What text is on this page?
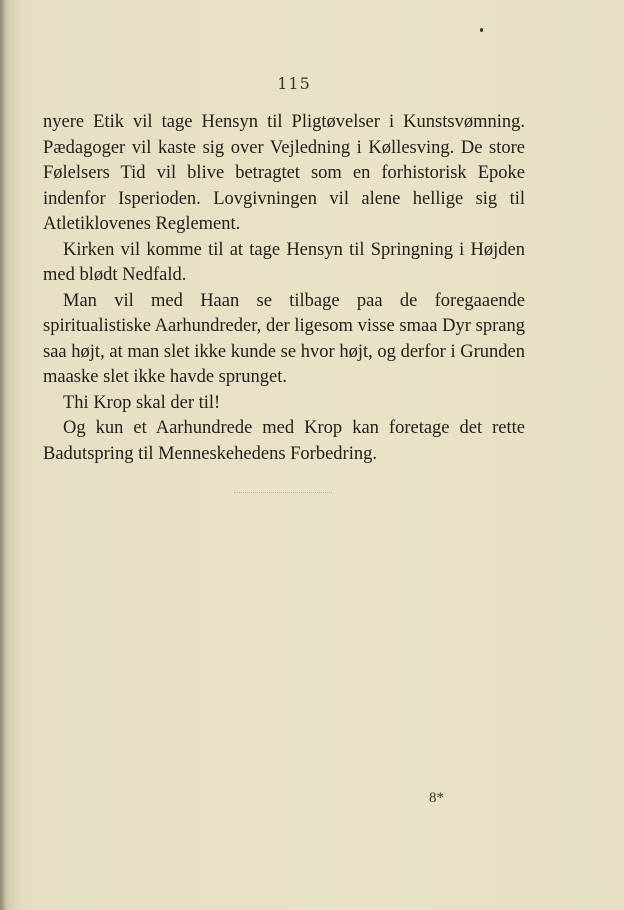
115

nyere Etik vil tage Hensyn til Pligtøvelser i Kunstsvømning. Pædagoger vil kaste sig over Vejledning i Køllesving. De store Følelsers Tid vil blive betragtet som en forhistorisk Epoke indenfor Isperioden. Lovgivningen vil alene hellige sig til Atletiklovenes Reglement.

Kirken vil komme til at tage Hensyn til Springning i Højden med blødt Nedfald.

Man vil med Haan se tilbage paa de foregaaende spiritualistiske Aarhundreder, der ligesom visse smaa Dyr sprang saa højt, at man slet ikke kunde se hvor højt, og derfor i Grunden maaske slet ikke havde sprunget.

Thi Krop skal der til!

Og kun et Aarhundrede med Krop kan foretage det rette Badutspring til Menneskehedens Forbedring.

8*
